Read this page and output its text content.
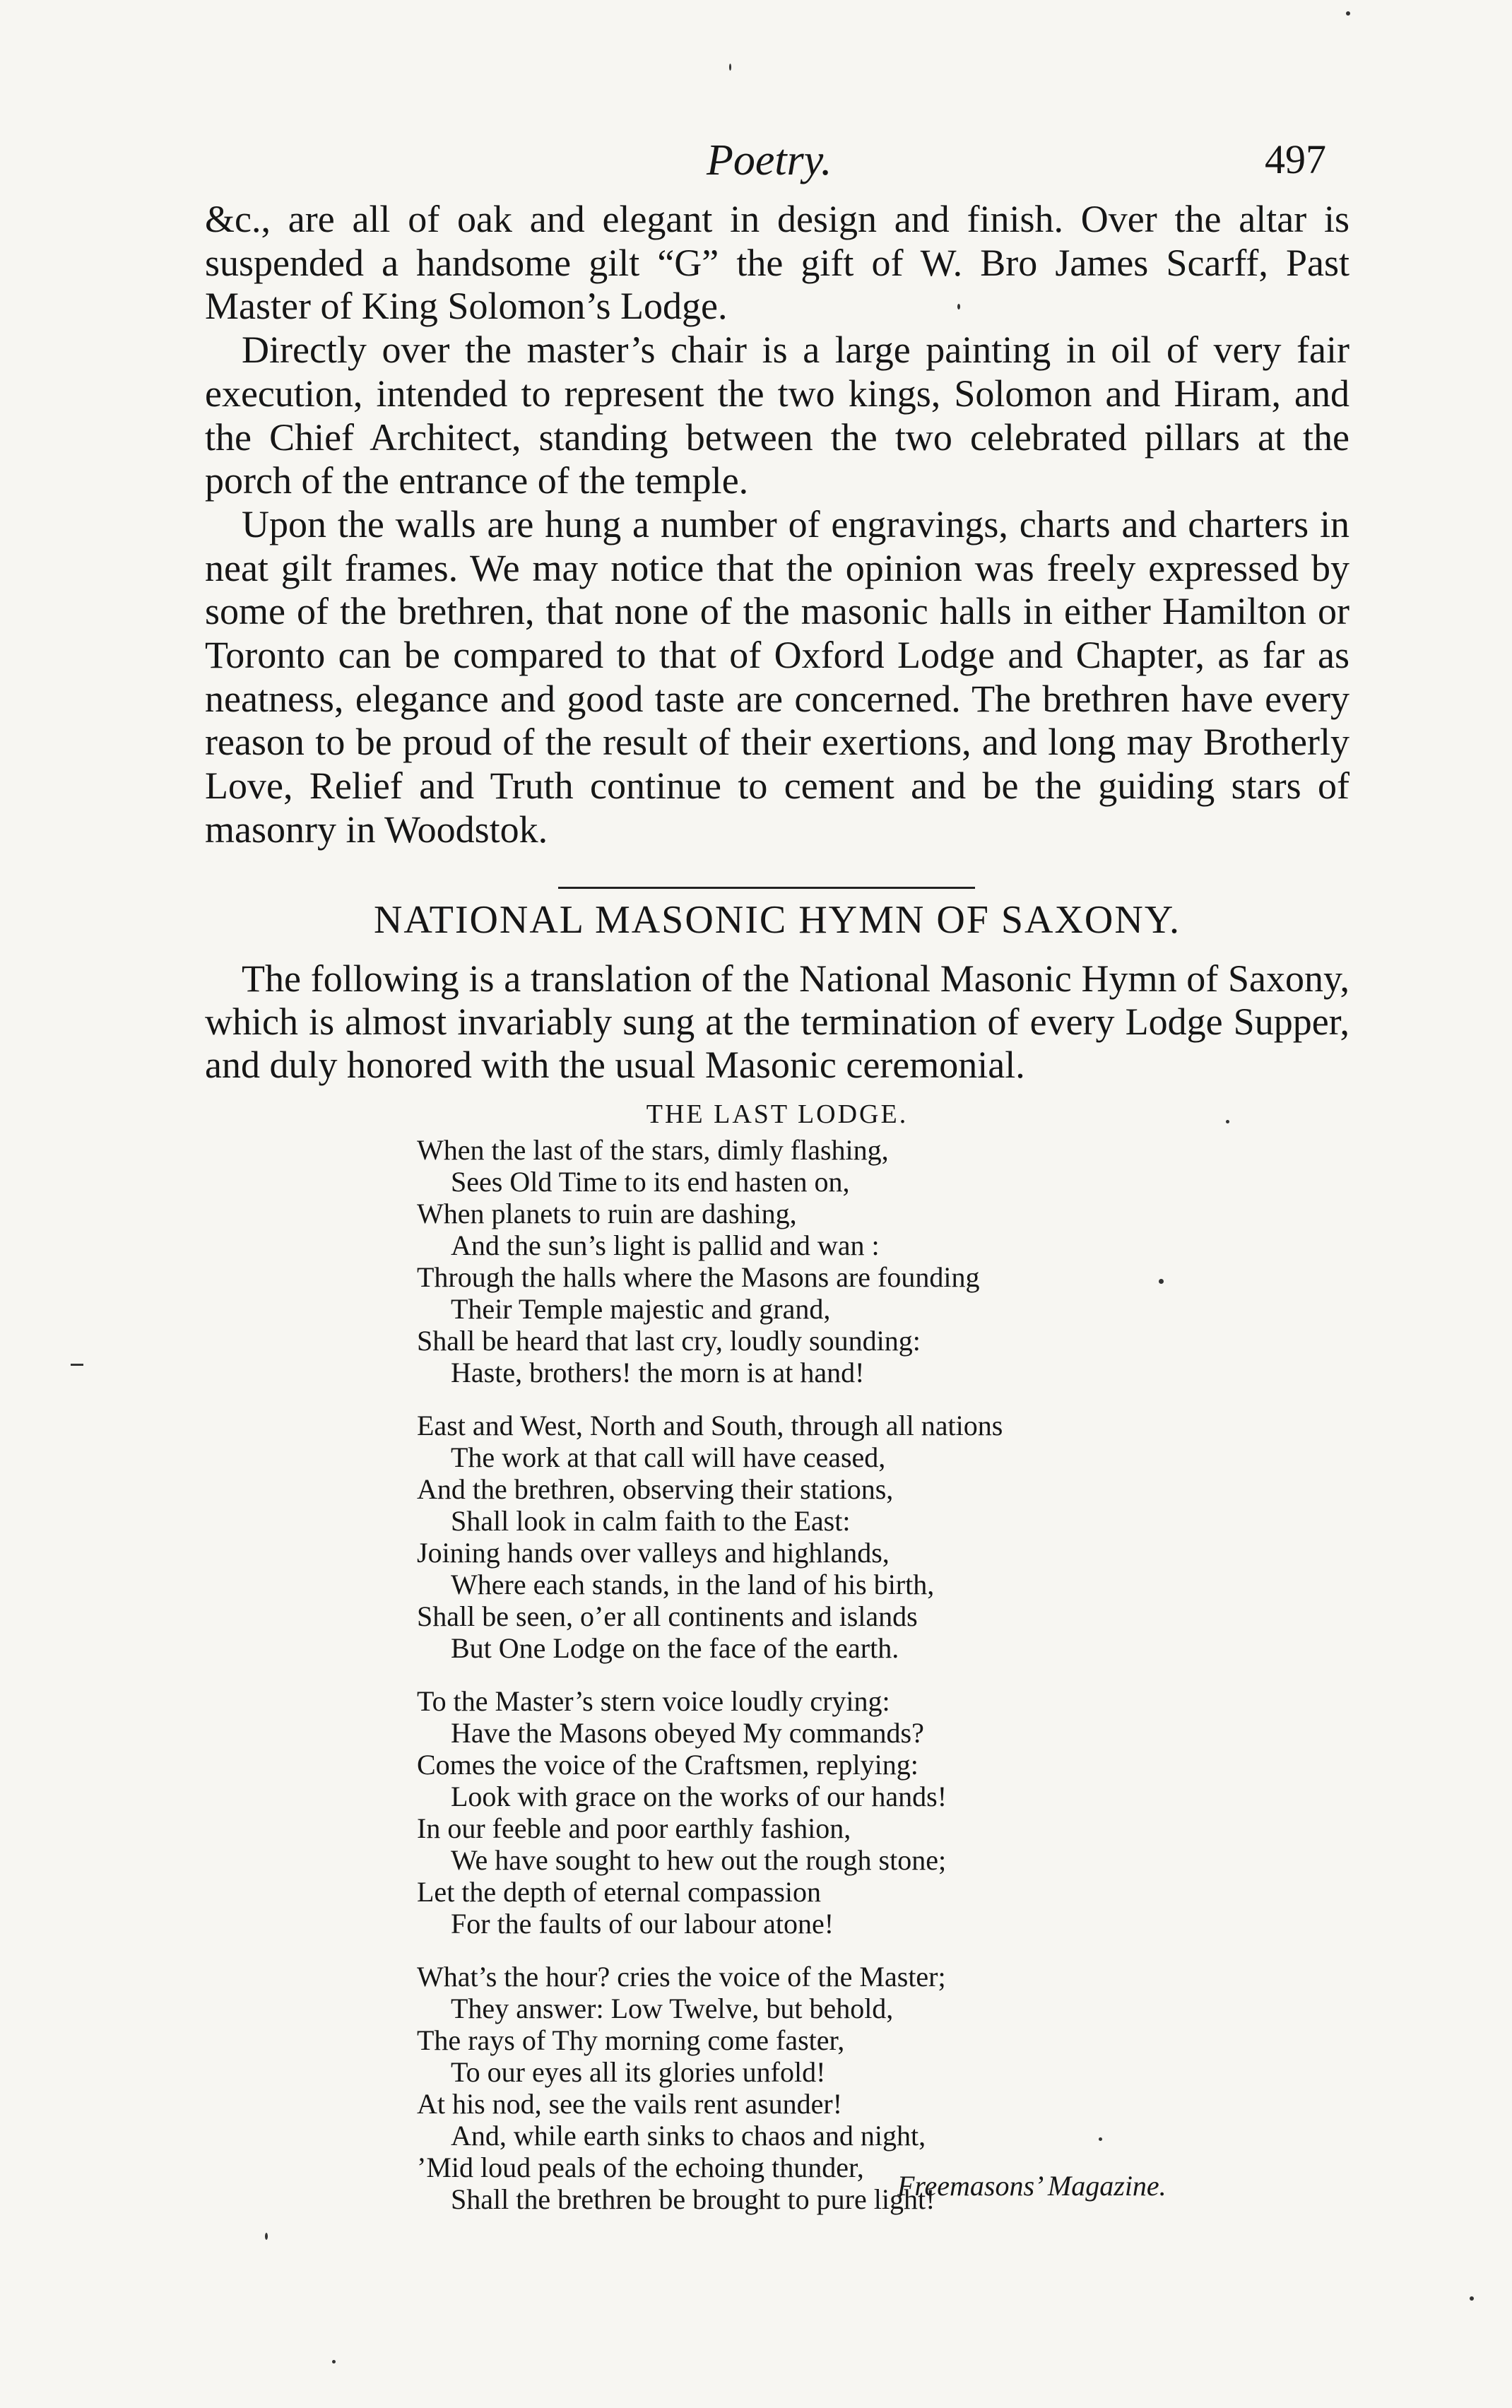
Poetry.	497

&c., are all of oak and elegant in design and finish. Over the altar is suspended a handsome gilt “G” the gift of W. Bro James Scarff, Past Master of King Solomon’s Lodge.

Directly over the master’s chair is a large painting in oil of very fair execution, intended to represent the two kings, Solomon and Hiram, and the Chief Architect, standing between the two celebrated pillars at the porch of the entrance of the temple.

Upon the walls are hung a number of engravings, charts and charters in neat gilt frames. We may notice that the opinion was freely expressed by some of the brethren, that none of the masonic halls in either Hamilton or Toronto can be compared to that of Oxford Lodge and Chapter, as far as neatness, elegance and good taste are concerned. The brethren have every reason to be proud of the result of their exertions, and long may Brotherly Love, Relief and Truth continue to cement and be the guiding stars of masonry in Woodstok.

NATIONAL MASONIC HYMN OF SAXONY.

The following is a translation of the National Masonic Hymn of Saxony, which is almost invariably sung at the termination of every Lodge Supper, and duly honored with the usual Masonic ceremonial.

THE LAST LODGE.
When the last of the stars, dimly flashing,
Sees Old Time to its end hasten on,
When planets to ruin are dashing,
And the sun’s light is pallid and wan :
Through the halls where the Masons are founding
Their Temple majestic and grand,
Shall be heard that last cry, loudly sounding:
Haste, brothers! the morn is at hand!
East and West, North and South, through all nations
The work at that call will have ceased,
And the brethren, observing their stations,
Shall look in calm faith to the East:
Joining hands over valleys and highlands,
Where each stands, in the land of his birth,
Shall be seen, o’er all continents and islands
But One Lodge on the face of the earth.
To the Master’s stern voice loudly crying:
Have the Masons obeyed My commands?
Comes the voice of the Craftsmen, replying:
Look with grace on the works of our hands!
In our feeble and poor earthly fashion,
We have sought to hew out the rough stone;
Let the depth of eternal compassion
For the faults of our labour atone!
What’s the hour? cries the voice of the Master;
They answer: Low Twelve, but behold,
The rays of Thy morning come faster,
To our eyes all its glories unfold!
At his nod, see the vails rent asunder!
And, while earth sinks to chaos and night,
’Mid loud peals of the echoing thunder,
Shall the brethren be brought to pure light!
Freemasons’ Magazine.
